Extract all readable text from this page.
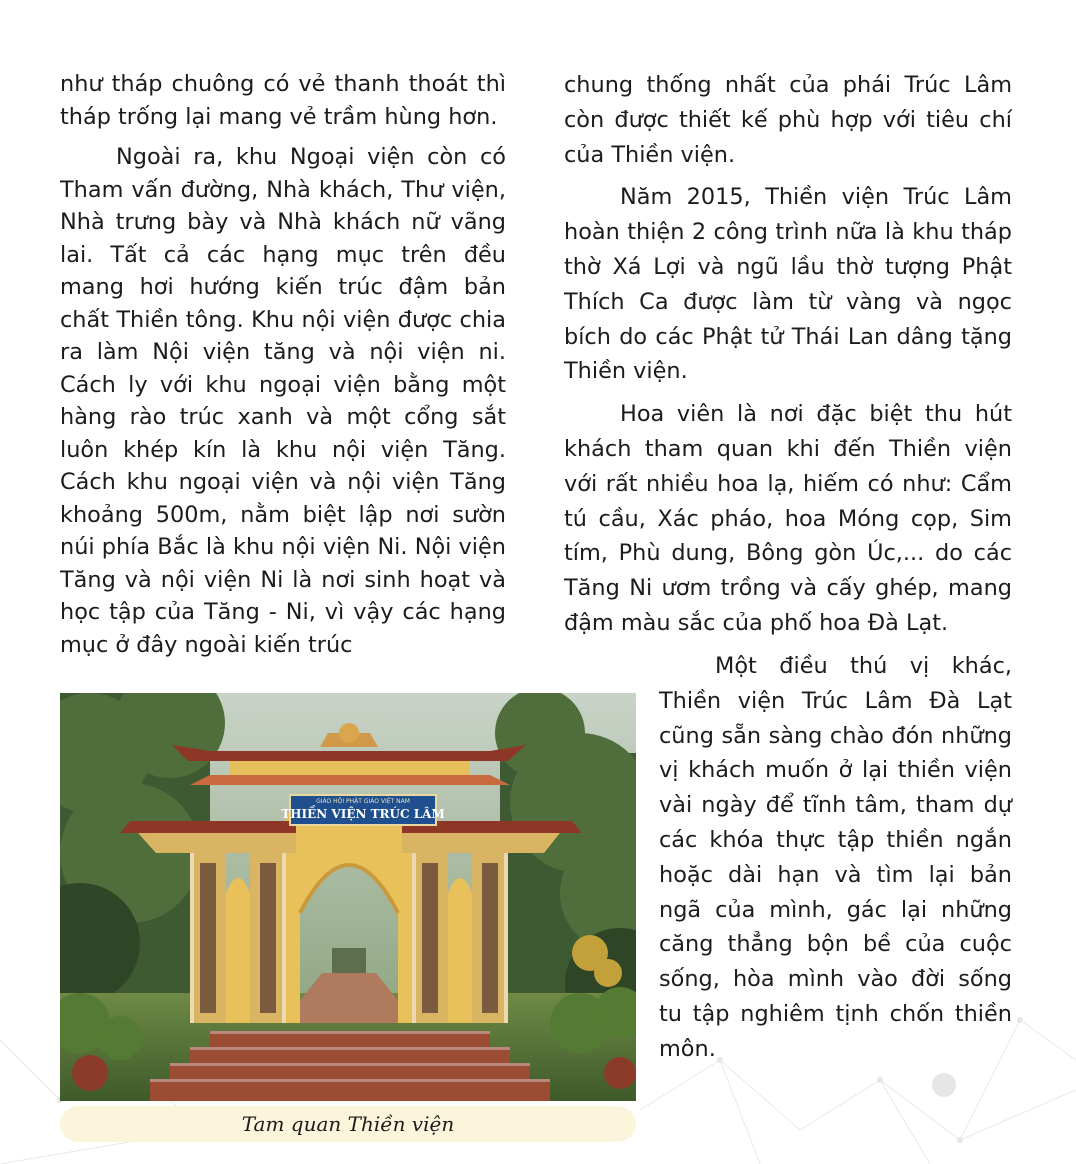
như tháp chuông có vẻ thanh thoát thì tháp trống lại mang vẻ trầm hùng hơn.

Ngoài ra, khu Ngoại viện còn có Tham vấn đường, Nhà khách, Thư viện, Nhà trưng bày và Nhà khách nữ vãng lai. Tất cả các hạng mục trên đều mang hơi hướng kiến trúc đậm bản chất Thiền tông. Khu nội viện được chia ra làm Nội viện tăng và nội viện ni. Cách ly với khu ngoại viện bằng một hàng rào trúc xanh và một cổng sắt luôn khép kín là khu nội viện Tăng. Cách khu ngoại viện và nội viện Tăng khoảng 500m, nằm biệt lập nơi sườn núi phía Bắc là khu nội viện Ni. Nội viện Tăng và nội viện Ni là nơi sinh hoạt và học tập của Tăng - Ni, vì vậy các hạng mục ở đây ngoài kiến trúc

chung thống nhất của phái Trúc Lâm còn được thiết kế phù hợp với tiêu chí của Thiền viện.

Năm 2015, Thiền viện Trúc Lâm hoàn thiện 2 công trình nữa là khu tháp thờ Xá Lợi và ngũ lầu thờ tượng Phật Thích Ca được làm từ vàng và ngọc bích do các Phật tử Thái Lan dâng tặng Thiền viện.

Hoa viên là nơi đặc biệt thu hút khách tham quan khi đến Thiền viện với rất nhiều hoa lạ, hiếm có như: Cẩm tú cầu, Xác pháo, hoa Móng cọp, Sim tím, Phù dung, Bông gòn Úc,... do các Tăng Ni ươm trồng và cấy ghép, mang đậm màu sắc của phố hoa Đà Lạt.

Một điều thú vị khác, Thiền viện Trúc Lâm Đà Lạt cũng sẵn sàng chào đón những vị khách muốn ở lại thiền viện vài ngày để tĩnh tâm, tham dự các khóa thực tập thiền ngắn hoặc dài hạn và tìm lại bản ngã của mình, gác lại những căng thẳng bộn bề của cuộc sống, hòa mình vào đời sống tu tập nghiêm tịnh chốn thiền môn.

GIÁO HỘI PHẬT GIÁO VIỆT NAM
THIỀN VIỆN TRÚC LÂM
Tam quan Thiền viện
